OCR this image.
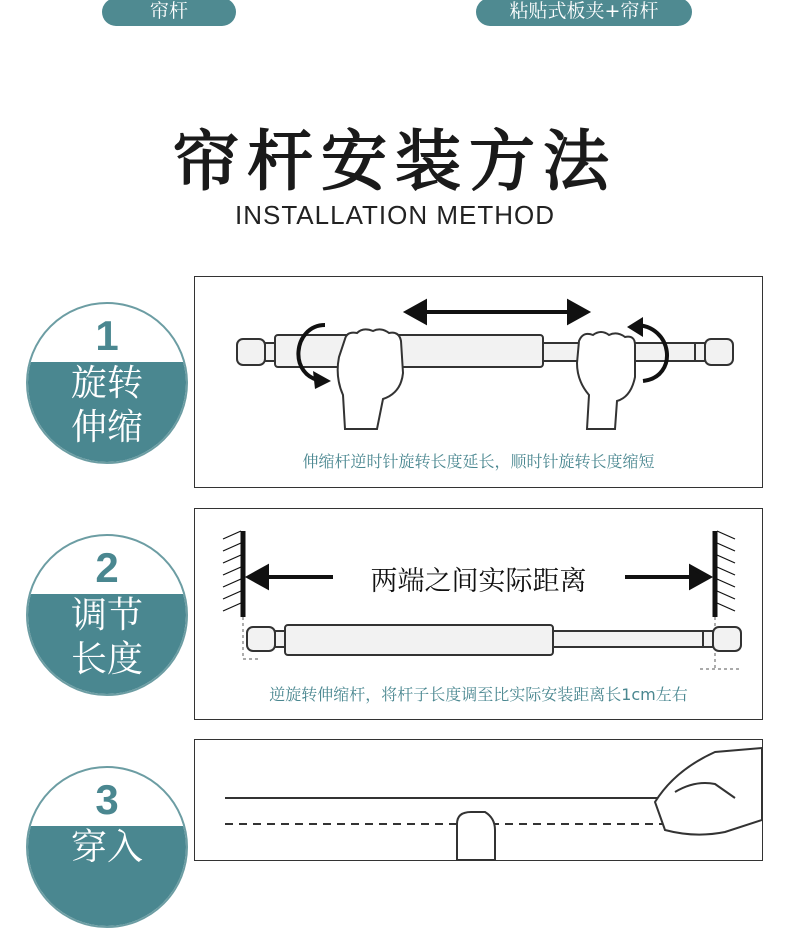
帘杆	粘贴式板夹+帘杆
帘杆安装方法
INSTALLATION METHOD
1
旋转
伸缩
伸缩杆逆时针旋转长度延长，顺时针旋转长度缩短
2
调节
长度
两端之间实际距离
逆旋转伸缩杆，将杆子长度调至比实际安装距离长1cm左右
3
穿入
